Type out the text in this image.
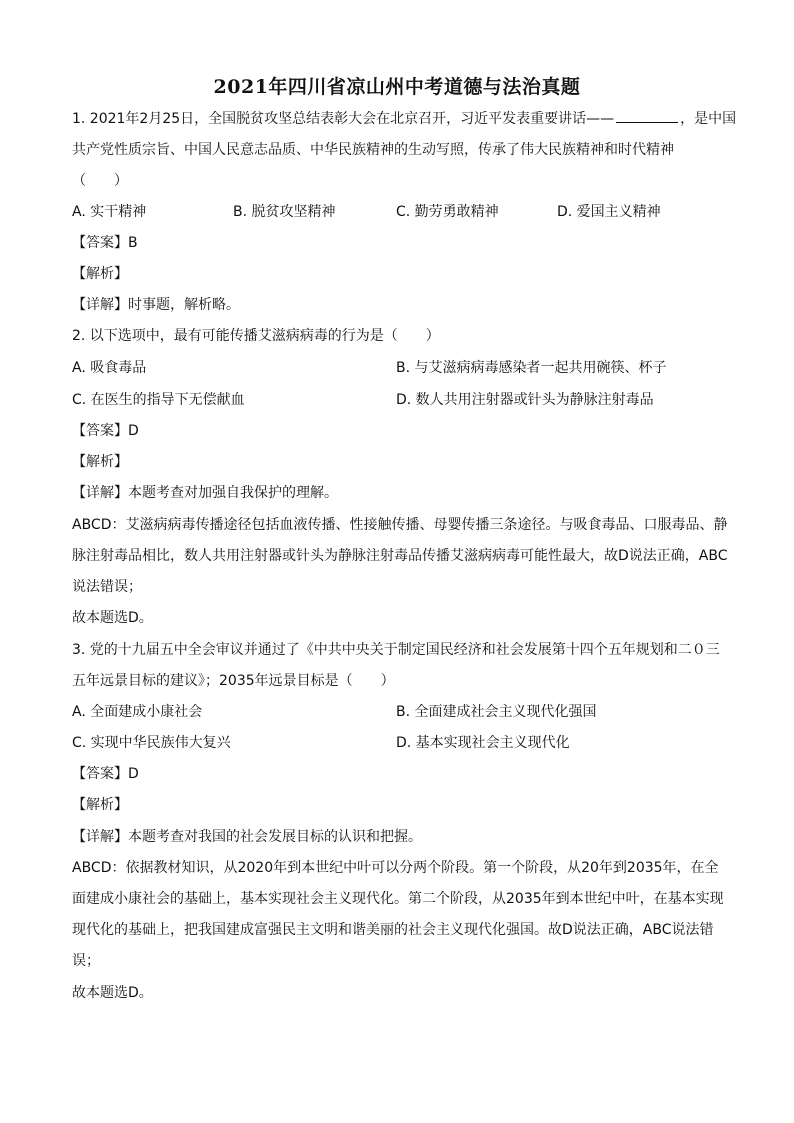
2021年四川省凉山州中考道德与法治真题
1. 2021年2月25日，全国脱贫攻坚总结表彰大会在北京召开，习近平发表重要讲话——	，是中国
共产党性质宗旨、中国人民意志品质、中华民族精神的生动写照，传承了伟大民族精神和时代精神
（　　）
A. 实干精神	B. 脱贫攻坚精神	C. 勤劳勇敢精神	D. 爱国主义精神
【答案】B
【解析】
【详解】时事题，解析略。
2. 以下选项中，最有可能传播艾滋病病毒的行为是（　　）
A. 吸食毒品	B. 与艾滋病病毒感染者一起共用碗筷、杯子
C. 在医生的指导下无偿献血	D. 数人共用注射器或针头为静脉注射毒品
【答案】D
【解析】
【详解】本题考查对加强自我保护的理解。
ABCD：艾滋病病毒传播途径包括血液传播、性接触传播、母婴传播三条途径。与吸食毒品、口服毒品、静
脉注射毒品相比，数人共用注射器或针头为静脉注射毒品传播艾滋病病毒可能性最大，故D说法正确，ABC
说法错误；
故本题选D。
3. 党的十九届五中全会审议并通过了《中共中央关于制定国民经济和社会发展第十四个五年规划和二０三
五年远景目标的建议》；2035年远景目标是（　　）
A. 全面建成小康社会	B. 全面建成社会主义现代化强国
C. 实现中华民族伟大复兴	D. 基本实现社会主义现代化
【答案】D
【解析】
【详解】本题考查对我国的社会发展目标的认识和把握。
ABCD：依据教材知识，从2020年到本世纪中叶可以分两个阶段。第一个阶段，从20年到2035年，在全
面建成小康社会的基础上，基本实现社会主义现代化。第二个阶段，从2035年到本世纪中叶，在基本实现
现代化的基础上，把我国建成富强民主文明和谐美丽的社会主义现代化强国。故D说法正确，ABC说法错
误；
故本题选D。
